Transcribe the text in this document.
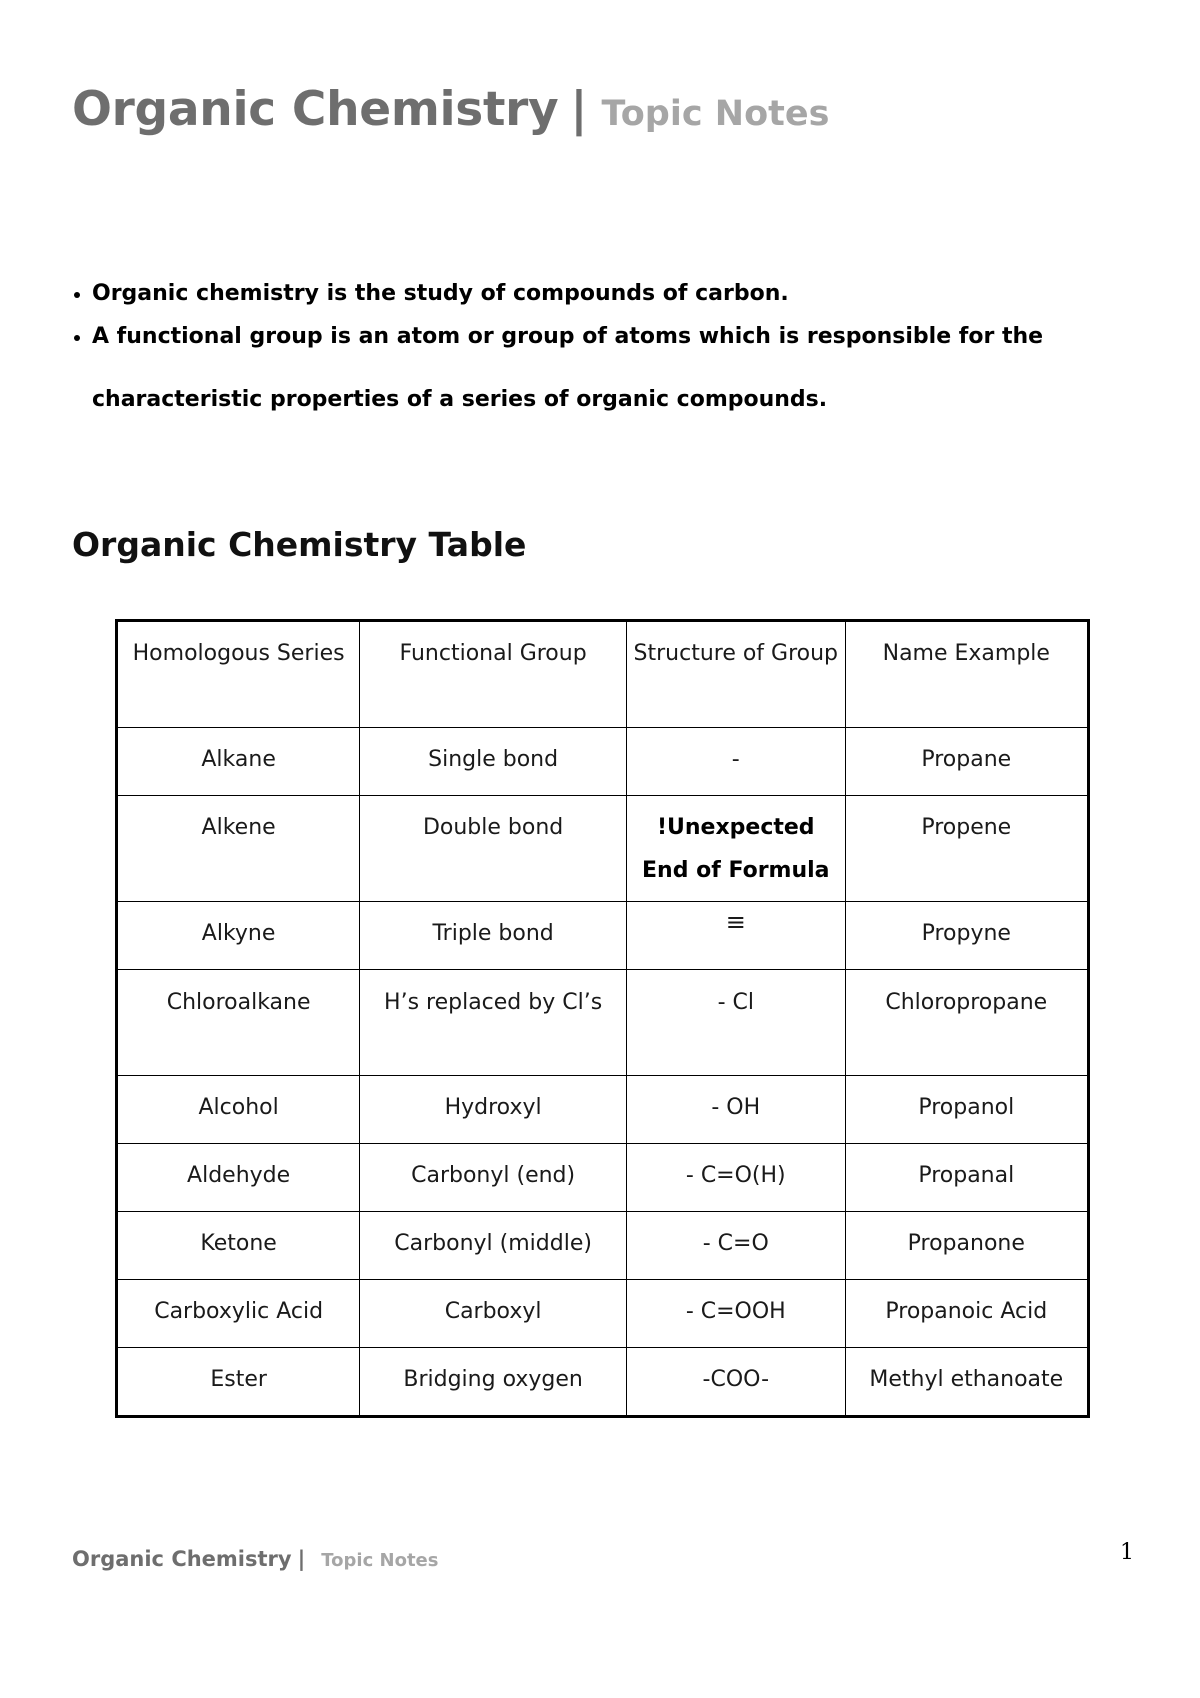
Organic Chemistry | Topic Notes
Organic chemistry is the study of compounds of carbon.
A functional group is an atom or group of atoms which is responsible for the characteristic properties of a series of organic compounds.
Organic Chemistry Table
Homologous Series	Functional Group	Structure of Group	Name Example
Alkane	Single bond	-	Propane
Alkene	Double bond	!Unexpected End of Formula	Propene
Alkyne	Triple bond	≡	Propyne
Chloroalkane	H’s replaced by Cl’s	- Cl	Chloropropane
Alcohol	Hydroxyl	- OH	Propanol
Aldehyde	Carbonyl (end)	- C=O(H)	Propanal
Ketone	Carbonyl (middle)	- C=O	Propanone
Carboxylic Acid	Carboxyl	- C=OOH	Propanoic Acid
Ester	Bridging oxygen	-COO-	Methyl ethanoate

Organic Chemistry | Topic Notes	1
